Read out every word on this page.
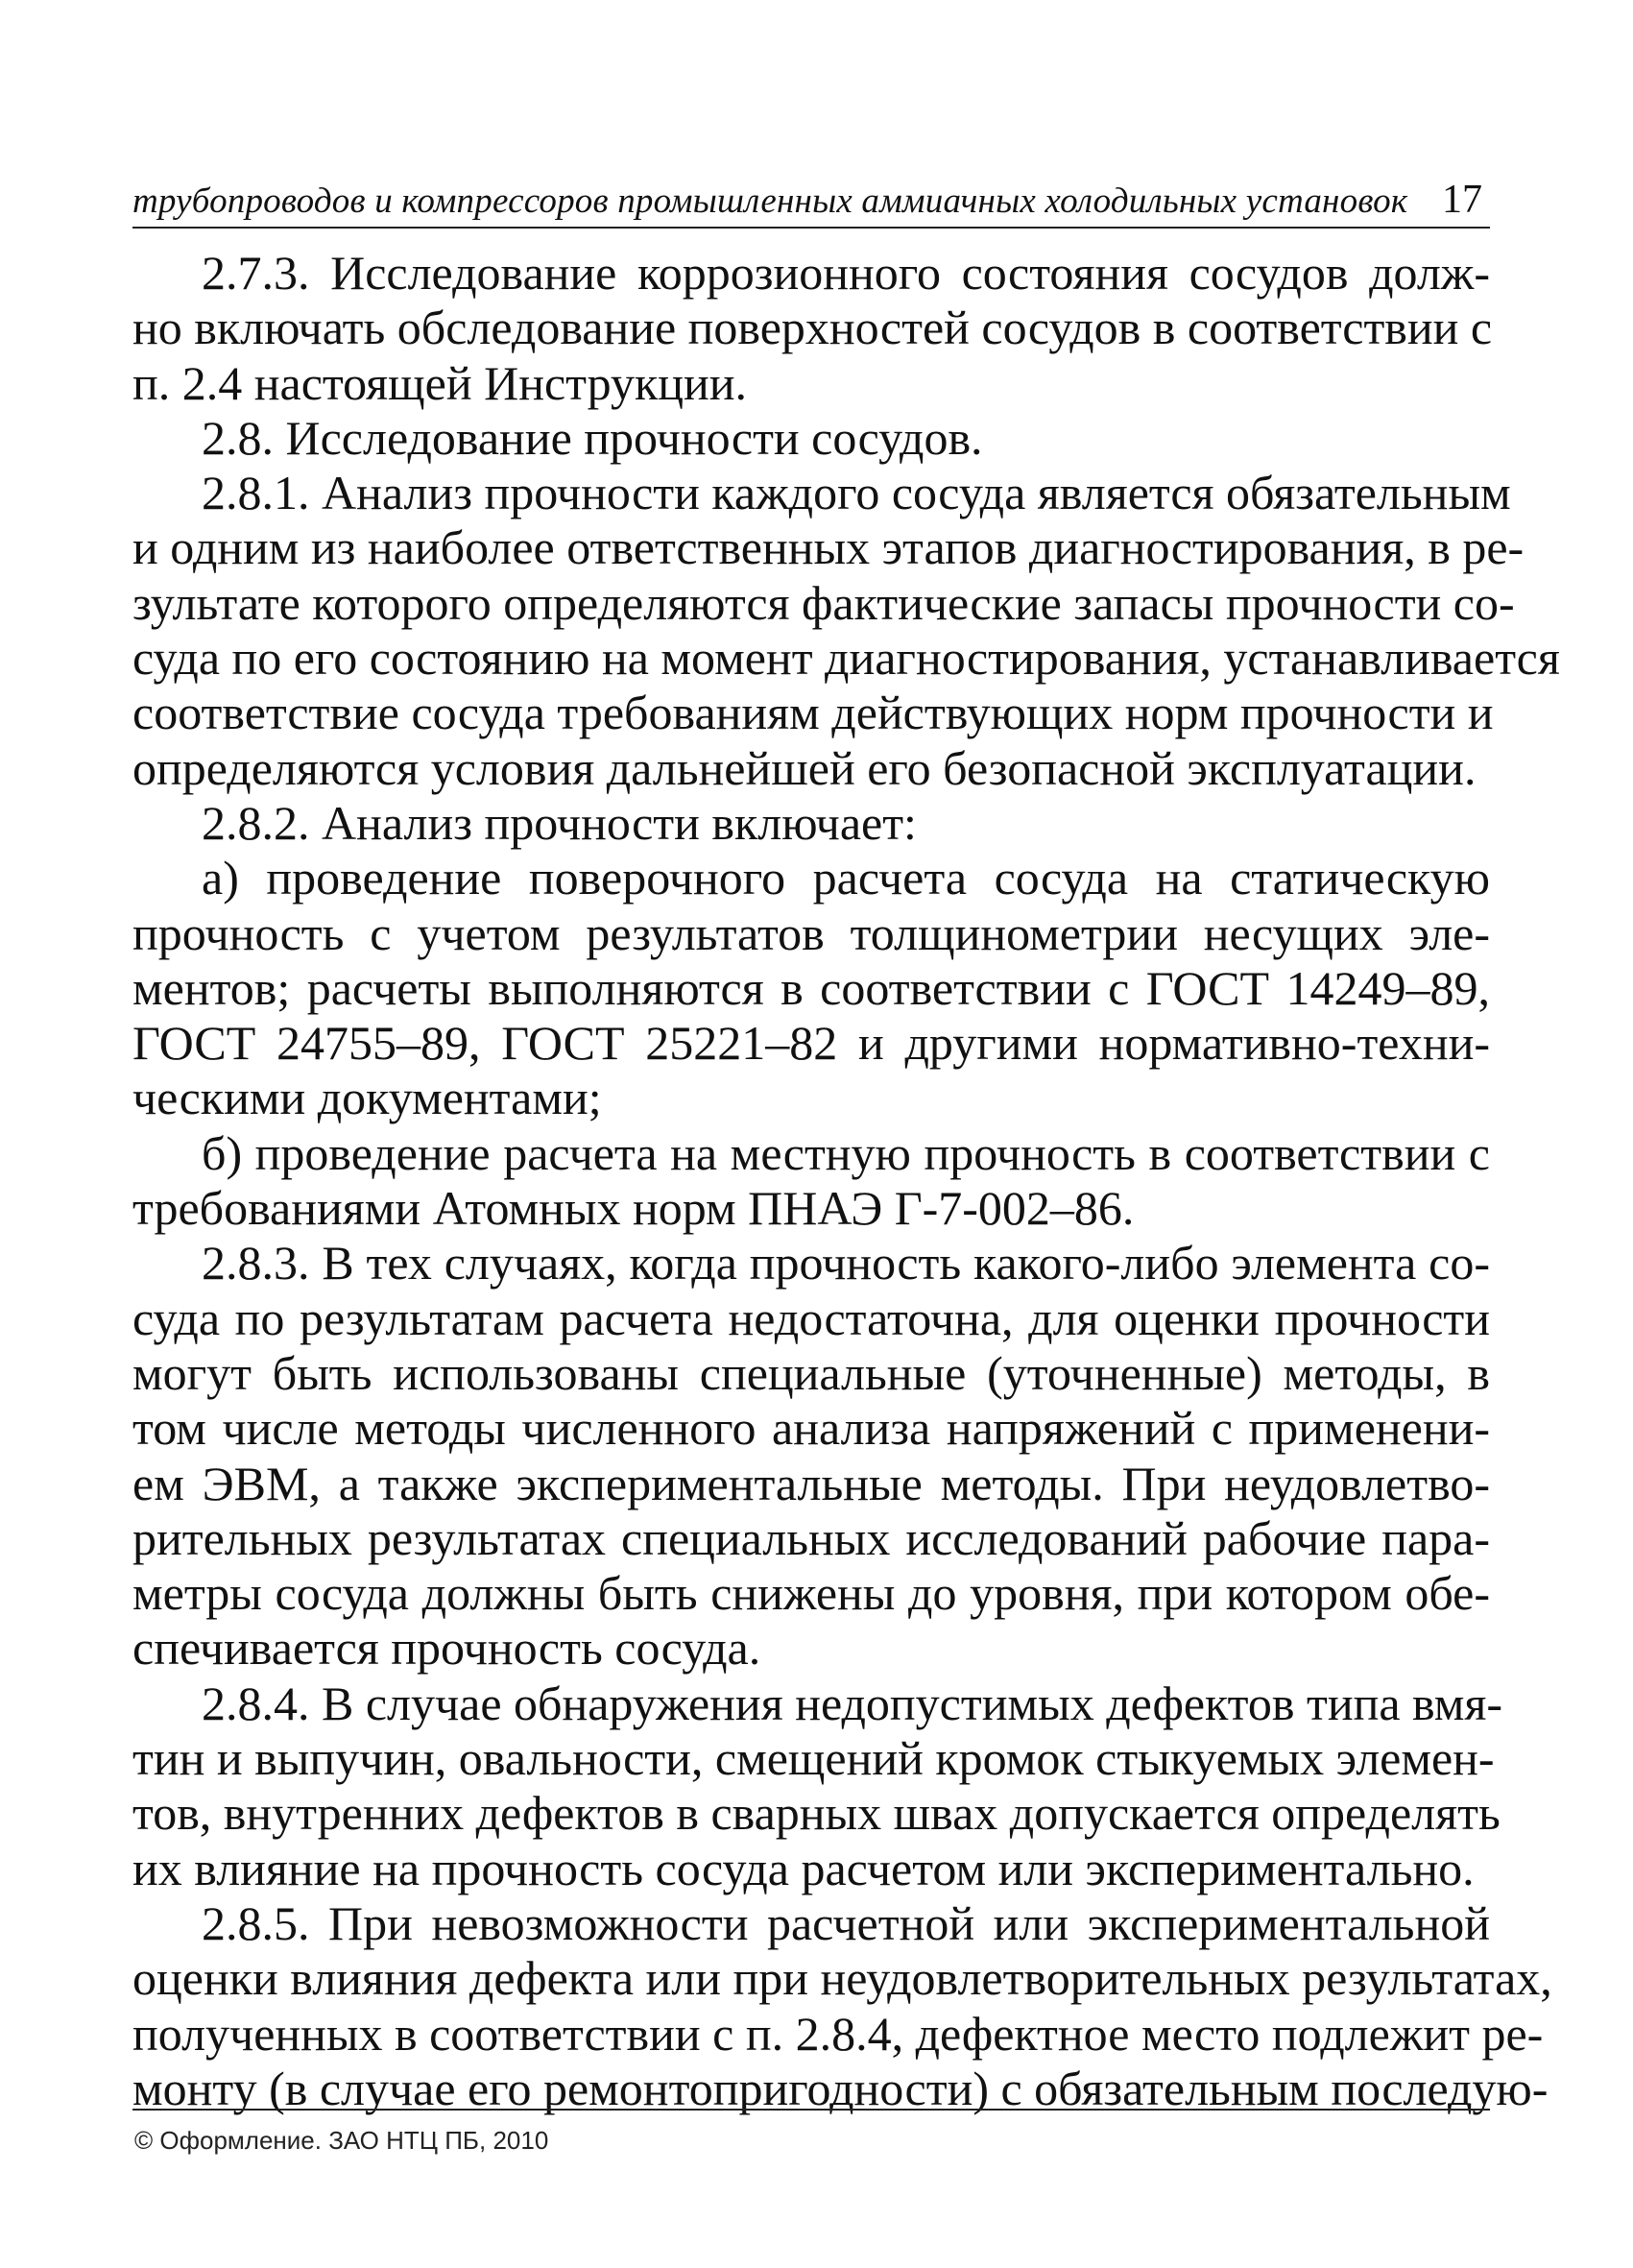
трубопроводов и компрессоров промышленных аммиачных холодильных установок 17
2.7.3. Исследование коррозионного состояния сосудов долж-
но включать обследование поверхностей сосудов в соответствии с
п. 2.4 настоящей Инструкции.
2.8. Исследование прочности сосудов.
2.8.1. Анализ прочности каждого сосуда является обязательным
и одним из наиболее ответственных этапов диагностирования, в ре-
зультате которого определяются фактические запасы прочности со-
суда по его состоянию на момент диагностирования, устанавливается
соответствие сосуда требованиям действующих норм прочности и
определяются условия дальнейшей его безопасной эксплуатации.
2.8.2. Анализ прочности включает:
а) проведение поверочного расчета сосуда на статическую
прочность с учетом результатов толщинометрии несущих эле-
ментов; расчеты выполняются в соответствии с ГОСТ 14249–89,
ГОСТ 24755–89, ГОСТ 25221–82 и другими нормативно-техни-
ческими документами;
б) проведение расчета на местную прочность в соответствии с
требованиями Атомных норм ПНАЭ Г-7-002–86.
2.8.3. В тех случаях, когда прочность какого-либо элемента со-
суда по результатам расчета недостаточна, для оценки прочности
могут быть использованы специальные (уточненные) методы, в
том числе методы численного анализа напряжений с применени-
ем ЭВМ, а также экспериментальные методы. При неудовлетво-
рительных результатах специальных исследований рабочие пара-
метры сосуда должны быть снижены до уровня, при котором обе-
спечивается прочность сосуда.
2.8.4. В случае обнаружения недопустимых дефектов типа вмя-
тин и выпучин, овальности, смещений кромок стыкуемых элемен-
тов, внутренних дефектов в сварных швах допускается определять
их влияние на прочность сосуда расчетом или экспериментально.
2.8.5. При невозможности расчетной или экспериментальной
оценки влияния дефекта или при неудовлетворительных результатах,
полученных в соответствии с п. 2.8.4, дефектное место подлежит ре-
монту (в случае его ремонтопригодности) с обязательным последую-
© Оформление. ЗАО НТЦ ПБ, 2010
